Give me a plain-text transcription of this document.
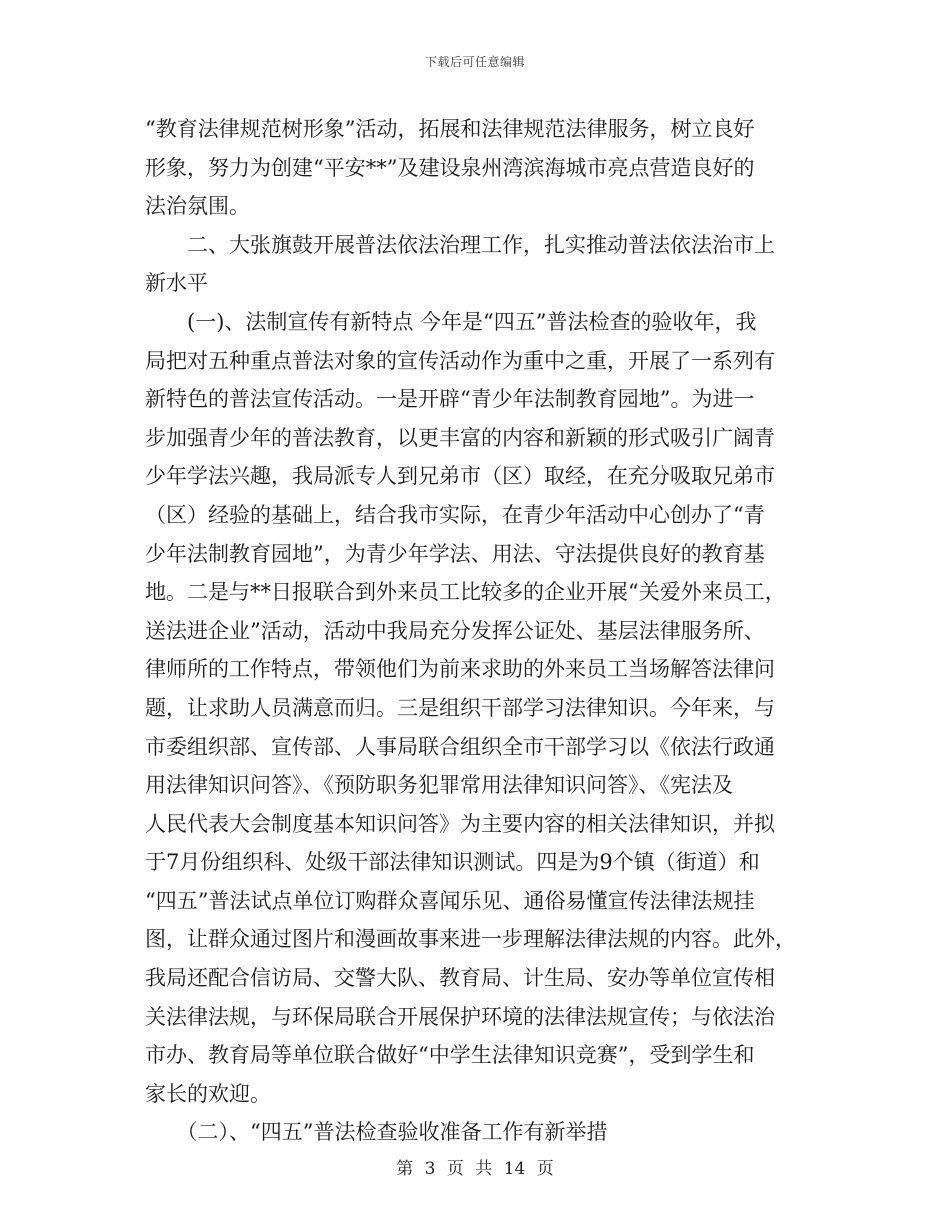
下载后可任意编辑

“教育法律规范树形象”活动，拓展和法律规范法律服务，树立良好

形象，努力为创建“平安**”及建设泉州湾滨海城市亮点营造良好的

法治氛围。

　　二、大张旗鼓开展普法依法治理工作，扎实推动普法依法治市上

新水平

　　(一)、法制宣传有新特点 今年是“四五”普法检查的验收年，我

局把对五种重点普法对象的宣传活动作为重中之重，开展了一系列有

新特色的普法宣传活动。一是开辟“青少年法制教育园地”。为进一

步加强青少年的普法教育，以更丰富的内容和新颖的形式吸引广阔青

少年学法兴趣，我局派专人到兄弟市（区）取经，在充分吸取兄弟市

（区）经验的基础上，结合我市实际，在青少年活动中心创办了“青

少年法制教育园地”，为青少年学法、用法、守法提供良好的教育基

地。二是与**日报联合到外来员工比较多的企业开展“关爱外来员工，

送法进企业”活动，活动中我局充分发挥公证处、基层法律服务所、

律师所的工作特点，带领他们为前来求助的外来员工当场解答法律问

题，让求助人员满意而归。三是组织干部学习法律知识。今年来，与

市委组织部、宣传部、人事局联合组织全市干部学习以《依法行政通

用法律知识问答》、《预防职务犯罪常用法律知识问答》、《宪法及

人民代表大会制度基本知识问答》为主要内容的相关法律知识，并拟

于7月份组织科、处级干部法律知识测试。四是为9个镇（街道）和

“四五”普法试点单位订购群众喜闻乐见、通俗易懂宣传法律法规挂

图，让群众通过图片和漫画故事来进一步理解法律法规的内容。此外，

我局还配合信访局、交警大队、教育局、计生局、安办等单位宣传相

关法律法规，与环保局联合开展保护环境的法律法规宣传；与依法治

市办、教育局等单位联合做好“中学生法律知识竞赛”，受到学生和

家长的欢迎。

　　（二）、“四五”普法检查验收准备工作有新举措

第 3 页 共 14 页
